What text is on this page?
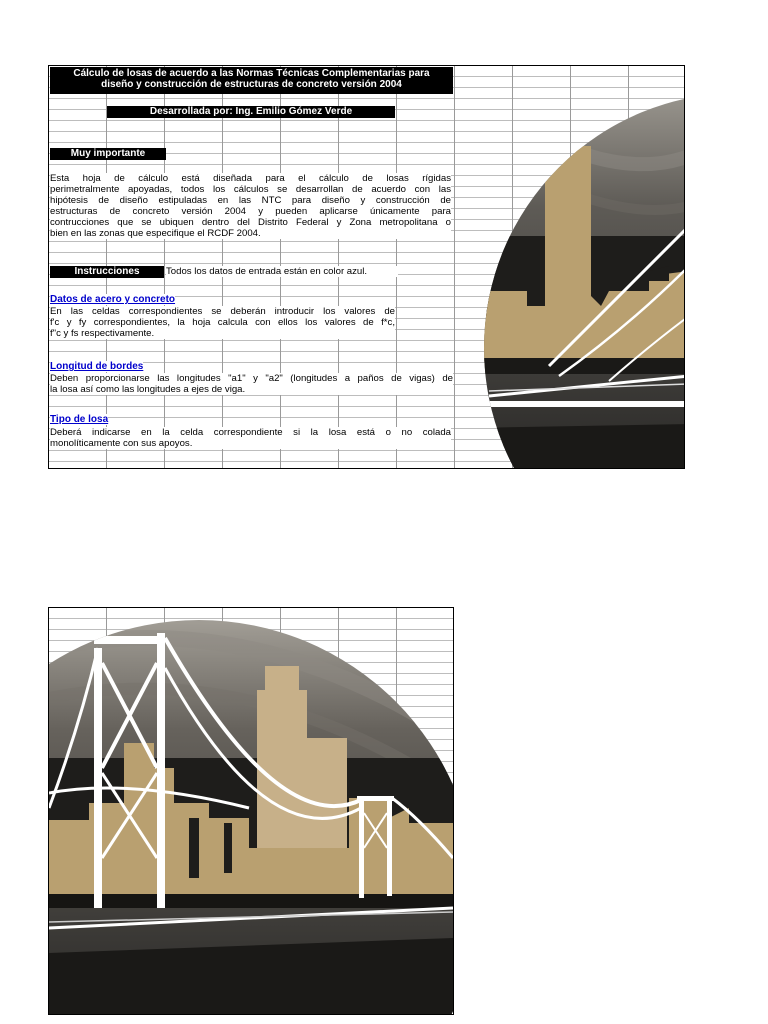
Cálculo de losas de acuerdo a las Normas Técnicas Complementarias para
diseño y construcción de estructuras de concreto versión 2004
Desarrollada por: Ing. Emilio Gómez Verde
Muy importante
Esta hoja de cálculo está diseñada para el cálculo de losas rígidas
perimetralmente apoyadas, todos los cálculos se desarrollan de acuerdo con las
hipótesis de diseño estipuladas en las NTC para diseño y construcción de
estructuras de concreto versión 2004 y pueden aplicarse únicamente para
contrucciones que se ubiquen dentro del Distrito Federal y Zona metropolitana o
bien en las zonas que especifique el RCDF 2004.
Instrucciones	Todos los datos de entrada están en color azul.
Datos de acero y concreto
En las celdas correspondientes se deberán introducir los valores de
f'c y fy correspondientes, la hoja calcula con ellos los valores de f*c,
f"c y fs respectivamente.
Longitud de bordes
Deben proporcionarse las longitudes "a1" y "a2" (longitudes a paños de vigas) de
la losa así como las longitudes a ejes de viga.
Tipo de losa
Deberá indicarse en la celda correspondiente si la losa está o no colada
monolíticamente con sus apoyos.
